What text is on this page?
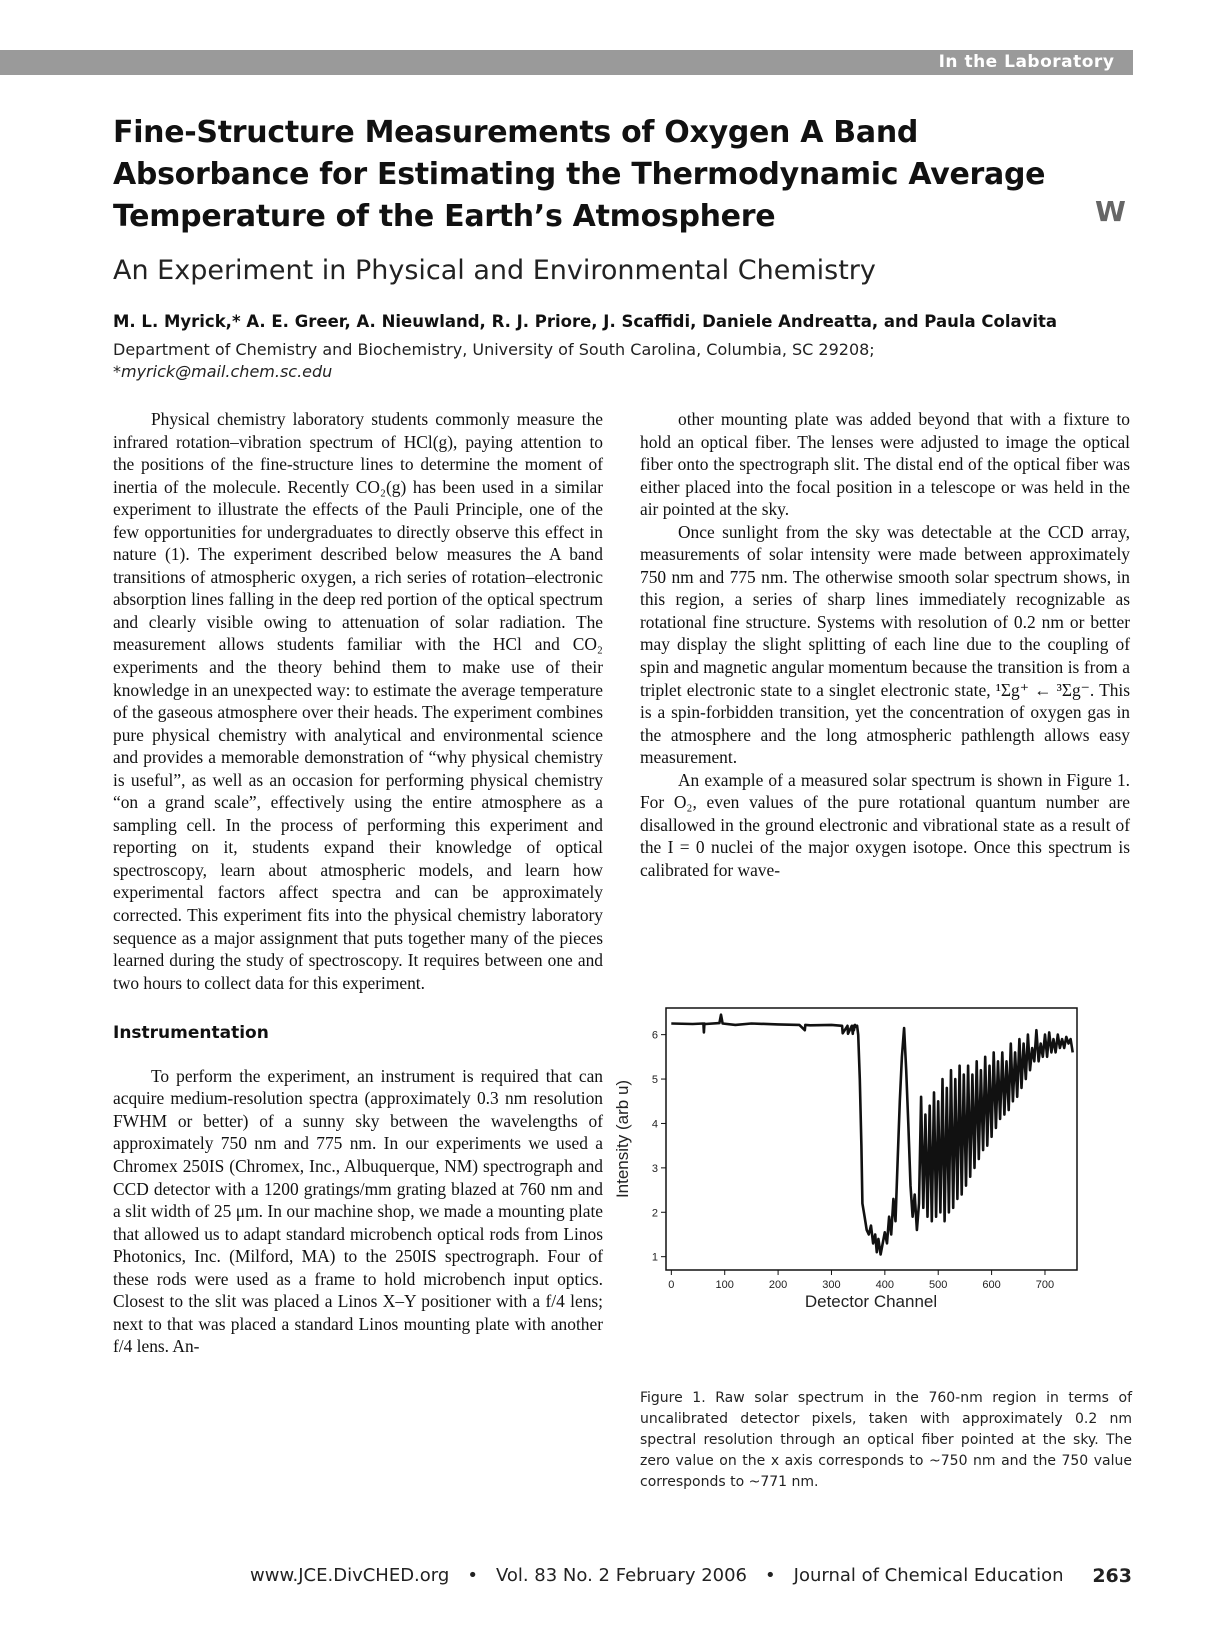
In the Laboratory
Fine-Structure Measurements of Oxygen A Band Absorbance for Estimating the Thermodynamic Average Temperature of the Earth’s Atmosphere	W
An Experiment in Physical and Environmental Chemistry
M. L. Myrick,* A. E. Greer, A. Nieuwland, R. J. Priore, J. Scaffidi, Daniele Andreatta, and Paula Colavita
Department of Chemistry and Biochemistry, University of South Carolina, Columbia, SC 29208;
*myrick@mail.chem.sc.edu

Physical chemistry laboratory students commonly measure the infrared rotation–vibration spectrum of HCl(g), paying attention to the positions of the fine-structure lines to determine the moment of inertia of the molecule. Recently CO₂(g) has been used in a similar experiment to illustrate the effects of the Pauli Principle, one of the few opportunities for undergraduates to directly observe this effect in nature (1). The experiment described below measures the A band transitions of atmospheric oxygen, a rich series of rotation–electronic absorption lines falling in the deep red portion of the optical spectrum and clearly visible owing to attenuation of solar radiation. The measurement allows students familiar with the HCl and CO₂ experiments and the theory behind them to make use of their knowledge in an unexpected way: to estimate the average temperature of the gaseous atmosphere over their heads. The experiment combines pure physical chemistry with analytical and environmental science and provides a memorable demonstration of “why physical chemistry is useful”, as well as an occasion for performing physical chemistry “on a grand scale”, effectively using the entire atmosphere as a sampling cell. In the process of performing this experiment and reporting on it, students expand their knowledge of optical spectroscopy, learn about atmospheric models, and learn how experimental factors affect spectra and can be approximately corrected. This experiment fits into the physical chemistry laboratory sequence as a major assignment that puts together many of the pieces learned during the study of spectroscopy. It requires between one and two hours to collect data for this experiment.

Instrumentation

To perform the experiment, an instrument is required that can acquire medium-resolution spectra (approximately 0.3 nm resolution FWHM or better) of a sunny sky between the wavelengths of approximately 750 nm and 775 nm. In our experiments we used a Chromex 250IS (Chromex, Inc., Albuquerque, NM) spectrograph and CCD detector with a 1200 gratings/mm grating blazed at 760 nm and a slit width of 25 μm. In our machine shop, we made a mounting plate that allowed us to adapt standard microbench optical rods from Linos Photonics, Inc. (Milford, MA) to the 250IS spectrograph. Four of these rods were used as a frame to hold microbench input optics. Closest to the slit was placed a Linos X–Y positioner with a f/4 lens; next to that was placed a standard Linos mounting plate with another f/4 lens. An-

other mounting plate was added beyond that with a fixture to hold an optical fiber. The lenses were adjusted to image the optical fiber onto the spectrograph slit. The distal end of the optical fiber was either placed into the focal position in a telescope or was held in the air pointed at the sky.

Once sunlight from the sky was detectable at the CCD array, measurements of solar intensity were made between approximately 750 nm and 775 nm. The otherwise smooth solar spectrum shows, in this region, a series of sharp lines immediately recognizable as rotational fine structure. Systems with resolution of 0.2 nm or better may display the slight splitting of each line due to the coupling of spin and magnetic angular momentum because the transition is from a triplet electronic state to a singlet electronic state, ¹Σg⁺ ← ³Σg⁻. This is a spin-forbidden transition, yet the concentration of oxygen gas in the atmosphere and the long atmospheric pathlength allows easy measurement.

An example of a measured solar spectrum is shown in Figure 1. For O₂, even values of the pure rotational quantum number are disallowed in the ground electronic and vibrational state as a result of the I = 0 nuclei of the major oxygen isotope. Once this spectrum is calibrated for wave-

1
2
3
4
5
6
0	100	200	300	400	500	600	700
Detector Channel
Intensity (arb u)
Figure 1. Raw solar spectrum in the 760-nm region in terms of uncalibrated detector pixels, taken with approximately 0.2 nm spectral resolution through an optical fiber pointed at the sky. The zero value on the x axis corresponds to ~750 nm and the 750 value corresponds to ~771 nm.
www.JCE.DivCHED.org • Vol. 83 No. 2 February 2006 • Journal of Chemical Education 263
